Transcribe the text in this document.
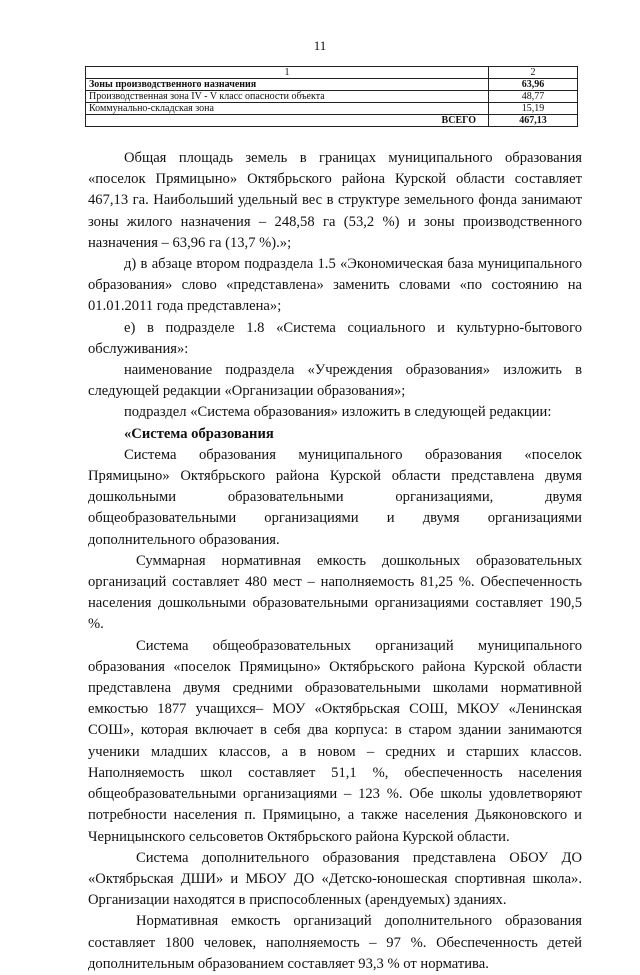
11
1	2
Зоны производственного назначения	63,96
Производственная зона IV - V класс опасности объекта	48,77
Коммунально-складская зона	15,19
ВСЕГО	467,13

Общая площадь земель в границах муниципального образования «поселок Прямицыно» Октябрьского района Курской области составляет 467,13 га. Наибольший удельный вес в структуре земельного фонда занимают зоны жилого назначения – 248,58 га (53,2 %) и зоны производственного назначения – 63,96 га (13,7 %).»;

д) в абзаце втором подраздела 1.5 «Экономическая база муниципального образования» слово «представлена» заменить словами «по состоянию на 01.01.2011 года представлена»;

е) в подразделе 1.8 «Система социального и культурно-бытового обслуживания»:

наименование подраздела «Учреждения образования» изложить в следующей редакции «Организации образования»;

подраздел «Система образования» изложить в следующей редакции:

«Система образования

Система образования муниципального образования «поселок Прямицыно» Октябрьского района Курской области представлена двумя дошкольными образовательными организациями, двумя общеобразовательными организациями и двумя организациями дополнительного образования.

Суммарная нормативная емкость дошкольных образовательных организаций составляет 480 мест – наполняемость 81,25 %. Обеспеченность населения дошкольными образовательными организациями составляет 190,5 %.

Система общеобразовательных организаций муниципального образования «поселок Прямицыно» Октябрьского района Курской области представлена двумя средними образовательными школами нормативной емкостью 1877 учащихся– МОУ «Октябрьская СОШ, МКОУ «Ленинская СОШ», которая включает в себя два корпуса: в старом здании занимаются ученики младших классов, а в новом – средних и старших классов. Наполняемость школ составляет 51,1 %, обеспеченность населения общеобразовательными организациями – 123 %. Обе школы удовлетворяют потребности населения п. Прямицыно, а также населения Дьяконовского и Черницынского сельсоветов Октябрьского района Курской области.

Система дополнительного образования представлена ОБОУ ДО «Октябрьская ДШИ» и МБОУ ДО «Детско-юношеская спортивная школа». Организации находятся в приспособленных (арендуемых) зданиях.

Нормативная емкость организаций дополнительного образования составляет 1800 человек, наполняемость – 97 %. Обеспеченность детей дополнительным образованием составляет 93,3 % от норматива.
